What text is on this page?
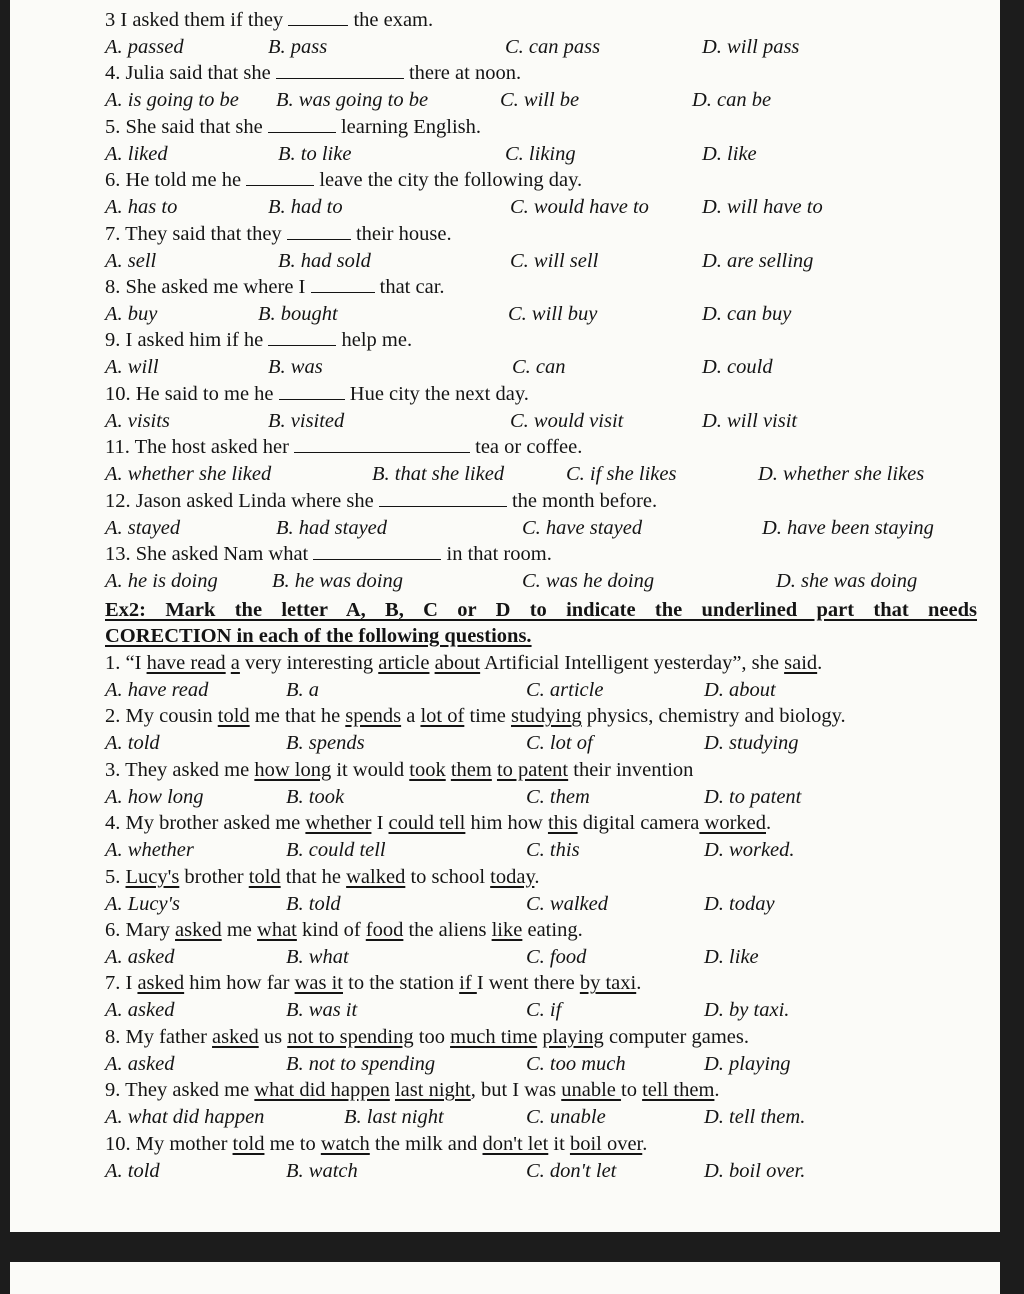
3 I asked them if they	the exam.
A. passed	B. pass	C. can pass	D. will pass
4. Julia said that she	there at noon.
A. is going to be B. was going to be	C. will be	D. can be
5. She said that she	learning English.
A. liked	B. to like	C. liking	D. like
6. He told me he	leave the city the following day.
A. has to	B. had to	C. would have to	D. will have to
7. They said that they	their house.
A. sell	B. had sold	C. will sell	D. are selling
8. She asked me where I	that car.
A. buy	B. bought	C. will buy	D. can buy
9. I asked him if he	help me.
A. will	B. was	C. can	D. could
10. He said to me he	Hue city the next day.
A. visits	B. visited	C. would visit	D. will visit
11. The host asked her	tea or coffee.
A. whether she liked	B. that she liked	C. if she likes	D. whether she likes
12. Jason asked Linda where she	the month before.
A. stayed	B. had stayed	C. have stayed	D. have been staying
13. She asked Nam what	in that room.
A. he is doing	B. he was doing	C. was he doing	D. she was doing
Ex2: Mark the letter A, B, C or D to indicate the underlined part that needs
CORECTION in each of the following questions.
1. “I have read a very interesting article about Artificial Intelligent yesterday”, she said.
A. have read	B. a	C. article	D. about
2. My cousin told me that he spends a lot of time studying physics, chemistry and biology.
A. told	B. spends	C. lot of	D. studying
3. They asked me how long it would took them to patent their invention
A. how long	B. took	C. them	D. to patent
4. My brother asked me whether I could tell him how this digital camera worked.
A. whether	B. could tell	C. this	D. worked.
5. Lucy's brother told that he walked to school today.
A. Lucy's	B. told	C. walked	D. today
6. Mary asked me what kind of food the aliens like eating.
A. asked	B. what	C. food	D. like
7. I asked him how far was it to the station if I went there by taxi.
A. asked	B. was it	C. if	D. by taxi.
8. My father asked us not to spending too much time playing computer games.
A. asked	B. not to spending	C. too much	D. playing
9. They asked me what did happen last night, but I was unable to tell them.
A. what did happen	B. last night	C. unable	D. tell them.
10. My mother told me to watch the milk and don't let it boil over.
A. told	B. watch	C. don't let	D. boil over.
